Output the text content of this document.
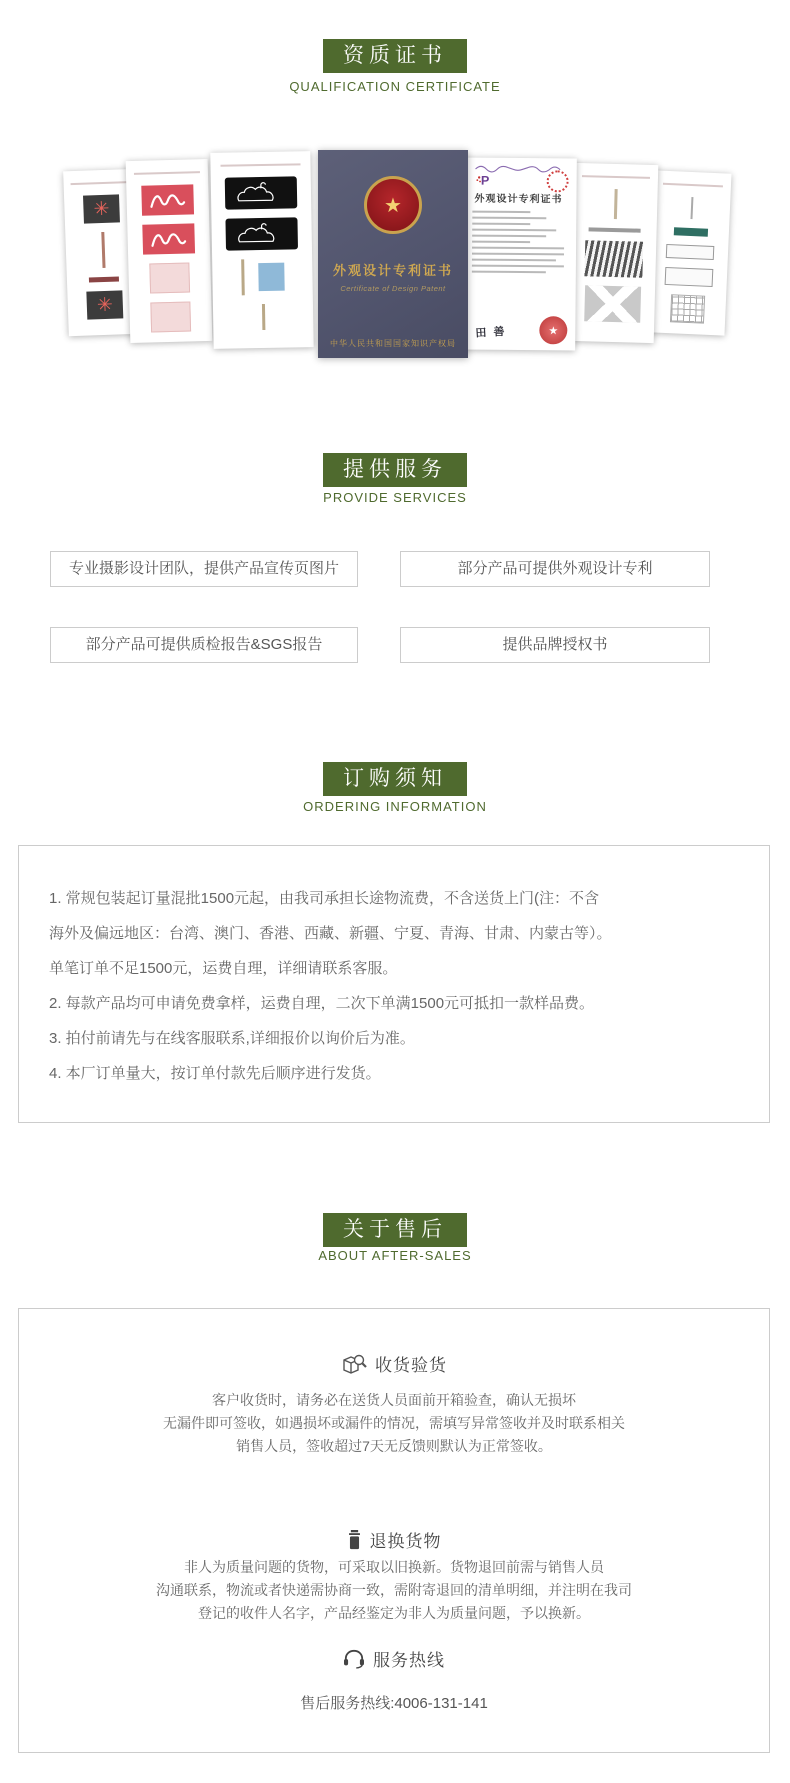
资质证书
QUALIFICATION CERTIFICATE
✳
✳
★
外观设计专利证书
Certificate of Design Patent
中华人民共和国国家知识产权局
P
外观设计专利证书
田 善	★
提供服务
PROVIDE SERVICES
专业摄影设计团队，提供产品宣传页图片	部分产品可提供外观设计专利
部分产品可提供质检报告&SGS报告	提供品牌授权书
订购须知
ORDERING INFORMATION

1. 常规包装起订量混批1500元起，由我司承担长途物流费，不含送货上门(注：不含

海外及偏远地区：台湾、澳门、香港、西藏、新疆、宁夏、青海、甘肃、内蒙古等）。

单笔订单不足1500元，运费自理，详细请联系客服。

2. 每款产品均可申请免费拿样，运费自理，二次下单满1500元可抵扣一款样品费。

3. 拍付前请先与在线客服联系,详细报价以询价后为准。

4. 本厂订单量大，按订单付款先后顺序进行发货。

关于售后
ABOUT AFTER-SALES
收货验货

客户收货时，请务必在送货人员面前开箱验查，确认无损坏

无漏件即可签收，如遇损坏或漏件的情况，需填写异常签收并及时联系相关

销售人员，签收超过7天无反馈则默认为正常签收。

退换货物

非人为质量问题的货物，可采取以旧换新。货物退回前需与销售人员

沟通联系，物流或者快递需协商一致，需附寄退回的清单明细，并注明在我司

登记的收件人名字，产品经鉴定为非人为质量问题，予以换新。

服务热线
售后服务热线:4006-131-141
